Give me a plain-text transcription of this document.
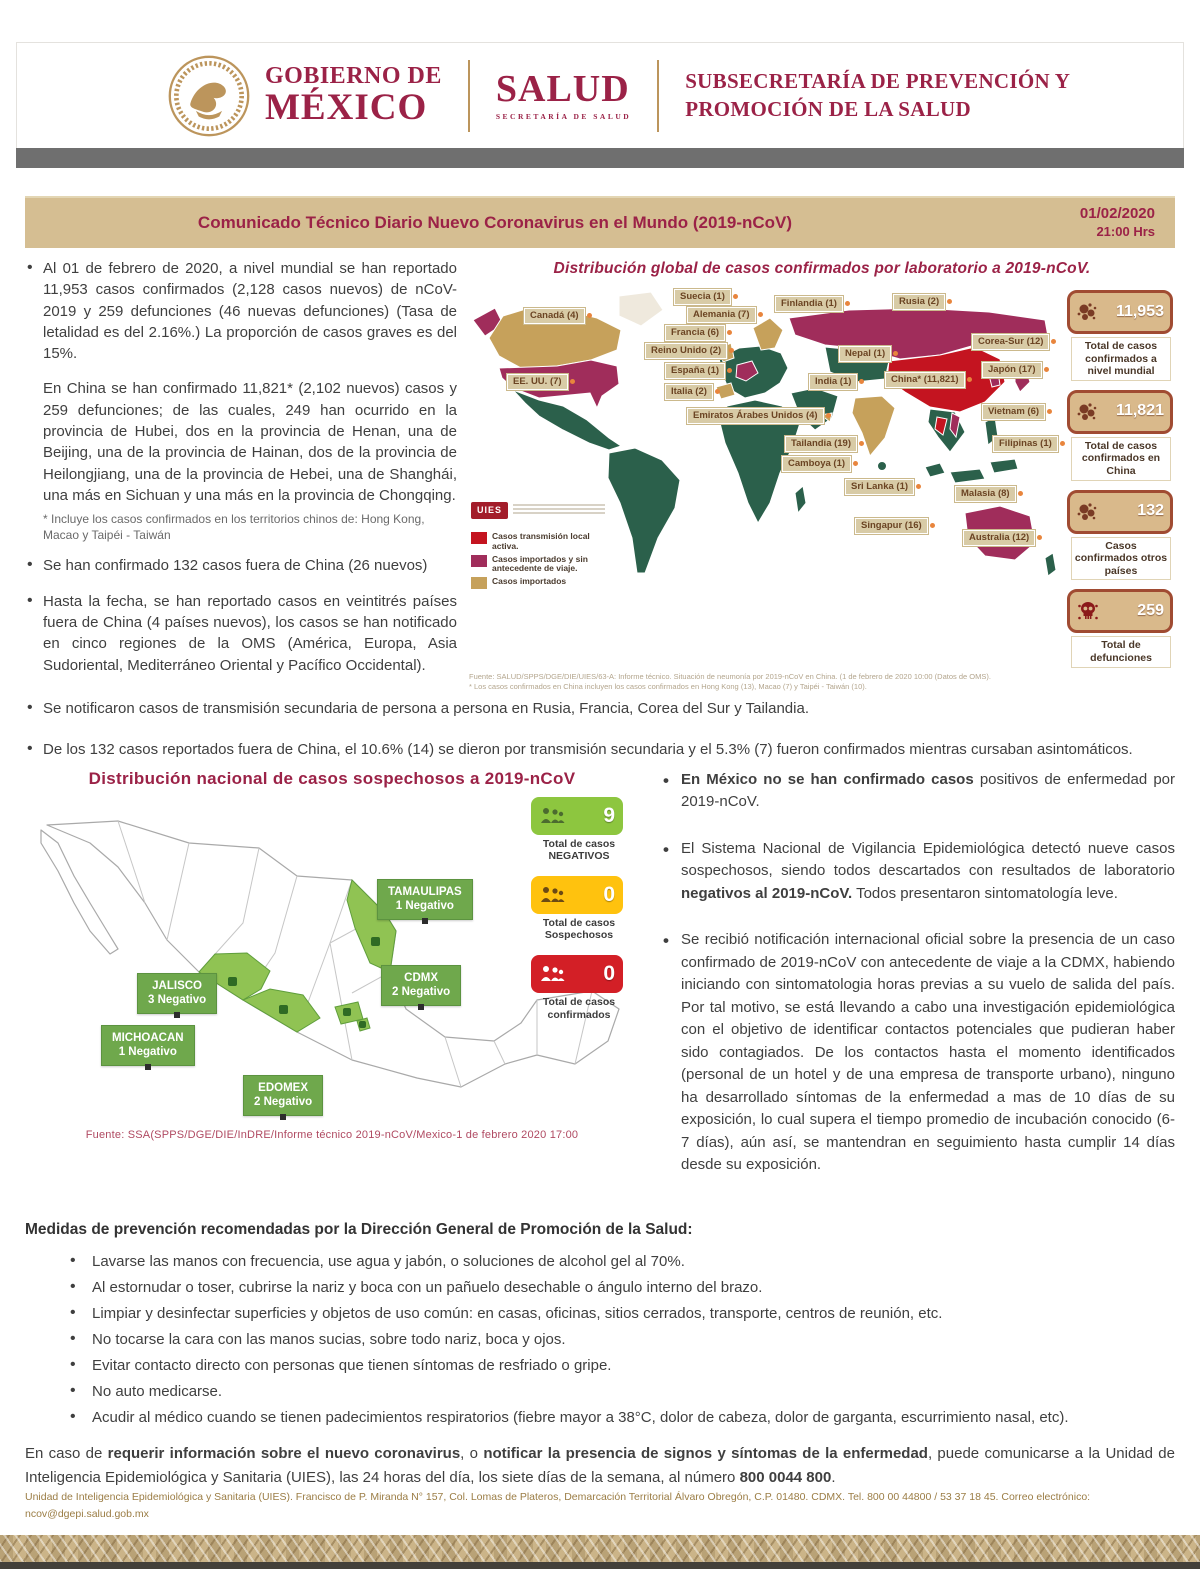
GOBIERNO DE
MÉXICO	SALUD
SECRETARÍA DE SALUD
SUBSECRETARÍA DE PREVENCIÓN Y
PROMOCIÓN DE LA SALUD
Comunicado Técnico Diario Nuevo Coronavirus en el Mundo (2019-nCoV)	01/02/2020
21:00 Hrs
Distribución global de casos confirmados por laboratorio a 2019-nCoV.
Canadá (4)
EE. UU. (7)
Suecia (1)
Alemania (7)
Francia (6)
Reino Unido (2)
España (1)
Italia (2)
Finlandia (1)	Rusia (2)
Nepal (1)
India (1)	China* (11,821)
Corea-Sur (12)
Japón (17)
Vietnam (6)
Emiratos Árabes Unidos (4)
Tailandia (19)
Camboya (1)
Sri Lanka (1)
Malasia (8)
Singapur (16)
Filipinas (1)
Australia (12)
UIES
Casos transmisión local activa.
Casos importados y sin antecedente de viaje.
Casos importados
11,953
Total de casos confirmados a nivel mundial
11,821
Total de casos confirmados en China
132
Casos confirmados otros países
259
Total de defunciones
Fuente: SALUD/SPPS/DGE/DIE/UIES/63-A: Informe técnico. Situación de neumonía por 2019-nCoV en China. (1 de febrero de 2020 10:00 (Datos de OMS).
* Los casos confirmados en China incluyen los casos confirmados en Hong Kong (13), Macao (7) y Taipéi - Taiwán (10).
• Al 01 de febrero de 2020, a nivel mundial se han reportado 11,953 casos confirmados (2,128 casos nuevos) de nCoV-2019 y 259 defunciones (46 nuevas defunciones) (Tasa de letalidad es del 2.16%.) La proporción de casos graves es del 15%.
En China se han confirmado 11,821* (2,102 nuevos) casos y 259 defunciones; de las cuales, 249 han ocurrido en la provincia de Hubei, dos en la provincia de Henan, una de Beijing, una de la provincia de Hainan, dos de la provincia de Heilongjiang, una de la provincia de Hebei, una de Shanghái, una más en Sichuan y una más en la provincia de Chongqing.
* Incluye los casos confirmados en los territorios chinos de: Hong Kong, Macao y Taipéi - Taiwán
• Se han confirmado 132 casos fuera de China (26 nuevos)
• Hasta la fecha, se han reportado casos en veintitrés países fuera de China (4 países nuevos), los casos se han notificado en cinco regiones de la OMS (América, Europa, Asia Sudoriental, Mediterráneo Oriental y Pacífico Occidental).
• Se notificaron casos de transmisión secundaria de persona a persona en Rusia, Francia, Corea del Sur y Tailandia.
• De los 132 casos reportados fuera de China, el 10.6% (14) se dieron por transmisión secundaria y el 5.3% (7) fueron confirmados mientras cursaban asintomáticos.
Distribución nacional de casos sospechosos a 2019-nCoV
TAMAULIPAS
1 Negativo
JALISCO
3 Negativo
CDMX
2 Negativo
MICHOACAN
1 Negativo
EDOMEX
2 Negativo
9
Total de casos
NEGATIVOS
0
Total de casos
Sospechosos
0
Total de casos
confirmados
Fuente: SSA(SPPS/DGE/DIE/InDRE/Informe técnico 2019-nCoV/Mexico-1 de febrero 2020 17:00
• En México no se han confirmado casos positivos de enfermedad por 2019-nCoV.
• El Sistema Nacional de Vigilancia Epidemiológica detectó nueve casos sospechosos, siendo todos descartados con resultados de laboratorio negativos al 2019-nCoV. Todos presentaron sintomatología leve.
• Se recibió notificación internacional oficial sobre la presencia de un caso confirmado de 2019-nCoV con antecedente de viaje a la CDMX, habiendo iniciando con sintomatologia horas previas a su vuelo de salida del país. Por tal motivo, se está llevando a cabo una investigación epidemiológica con el objetivo de identificar contactos potenciales que pudieran haber sido contagiados. De los contactos hasta el momento identificados (personal de un hotel y de una empresa de transporte urbano), ninguno ha desarrollado síntomas de la enfermedad a mas de 10 días de su exposición, lo cual supera el tiempo promedio de incubación conocido (6-7 días), aún así, se mantendran en seguimiento hasta cumplir 14 días desde su exposición.
Medidas de prevención recomendadas por la Dirección General de Promoción de la Salud:
• Lavarse las manos con frecuencia, use agua y jabón, o soluciones de alcohol gel al 70%.
• Al estornudar o toser, cubrirse la nariz y boca con un pañuelo desechable o ángulo interno del brazo.
• Limpiar y desinfectar superficies y objetos de uso común: en casas, oficinas, sitios cerrados, transporte, centros de reunión, etc.
• No tocarse la cara con las manos sucias, sobre todo nariz, boca y ojos.
• Evitar contacto directo con personas que tienen síntomas de resfriado o gripe.
• No auto medicarse.
• Acudir al médico cuando se tienen padecimientos respiratorios (fiebre mayor a 38°C, dolor de cabeza, dolor de garganta, escurrimiento nasal, etc).
En caso de requerir información sobre el nuevo coronavirus, o notificar la presencia de signos y síntomas de la enfermedad, puede comunicarse a la Unidad de Inteligencia Epidemiológica y Sanitaria (UIES), las 24 horas del día, los siete días de la semana, al número 800 0044 800.
Unidad de Inteligencia Epidemiológica y Sanitaria (UIES). Francisco de P. Miranda N° 157, Col. Lomas de Plateros, Demarcación Territorial Álvaro Obregón, C.P. 01480. CDMX. Tel. 800 00 44800 / 53 37 18 45. Correo electrónico: ncov@dgepi.salud.gob.mx
